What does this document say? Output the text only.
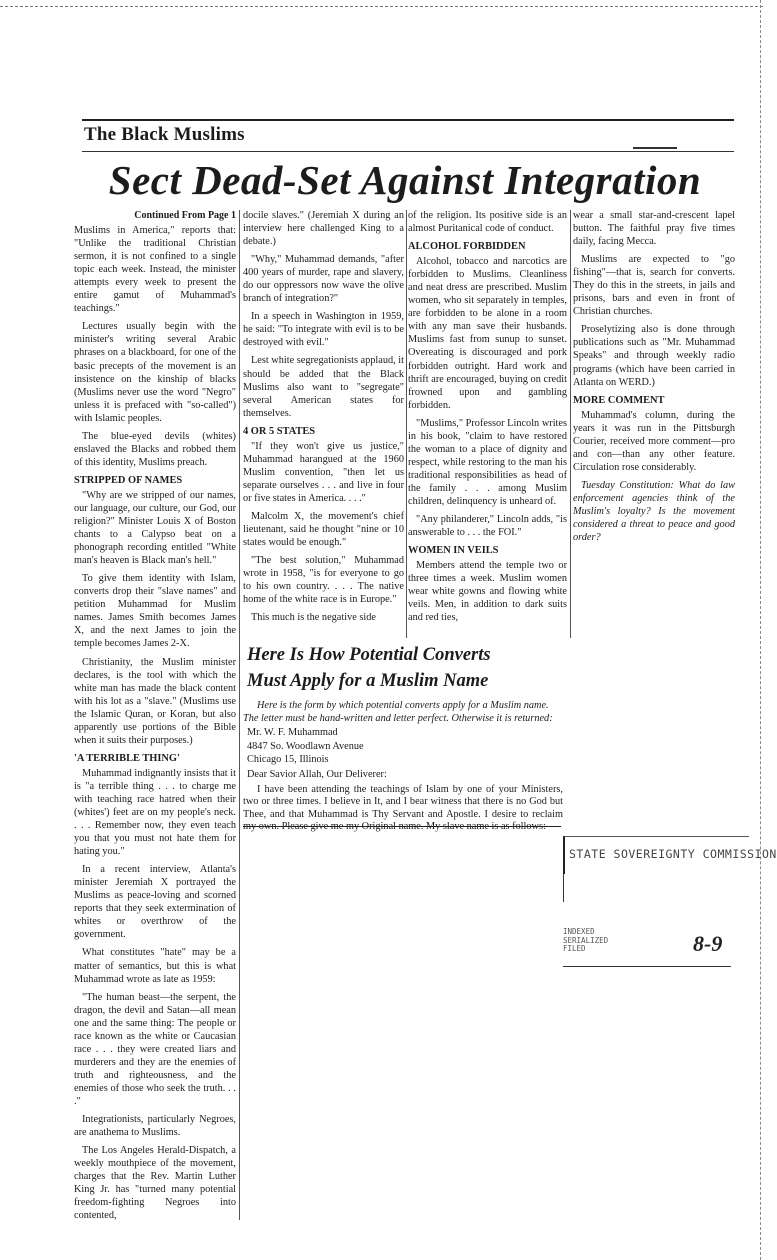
The Black Muslims
Sect Dead-Set Against Integration

Continued From Page 1

Muslims in America," reports that: "Unlike the traditional Christian sermon, it is not confined to a single topic each week. Instead, the minister attempts every week to present the entire gamut of Muhammad's teachings."

Lectures usually begin with the minister's writing several Arabic phrases on a blackboard, for one of the basic precepts of the movement is an insistence on the kinship of blacks (Muslims never use the word "Negro" unless it is prefaced with "so-called") with Islamic peoples.

The blue-eyed devils (whites) enslaved the Blacks and robbed them of this identity, Muslims preach.

STRIPPED OF NAMES

"Why are we stripped of our names, our language, our culture, our God, our religion?" Minister Louis X of Boston chants to a Calypso beat on a phonograph recording entitled "White man's heaven is Black man's hell."

To give them identity with Islam, converts drop their "slave names" and petition Muhammad for Muslim names. James Smith becomes James X, and the next James to join the temple becomes James 2-X.

Christianity, the Muslim minister declares, is the tool with which the white man has made the black content with his lot as a "slave." (Muslims use the Islamic Quran, or Koran, but also apparently use portions of the Bible when it suits their purposes.)

'A TERRIBLE THING'

Muhammad indignantly insists that it is "a terrible thing . . . to charge me with teaching race hatred when their (whites') feet are on my people's neck. . . . Remember now, they even teach you that you must not hate them for hating you."

In a recent interview, Atlanta's minister Jeremiah X portrayed the Muslims as peace-loving and scorned reports that they seek extermination of whites or overthrow of the government.

What constitutes "hate" may be a matter of semantics, but this is what Muhammad wrote as late as 1959:

"The human beast—the serpent, the dragon, the devil and Satan—all mean one and the same thing: The people or race known as the white or Caucasian race . . . they were created liars and murderers and they are the enemies of truth and righteousness, and the enemies of those who seek the truth. . . ."

Integrationists, particularly Negroes, are anathema to Muslims.

The Los Angeles Herald-Dispatch, a weekly mouthpiece of the movement, charges that the Rev. Martin Luther King Jr. has "turned many potential freedom-fighting Negroes into contented,

docile slaves." (Jeremiah X during an interview here challenged King to a debate.)

"Why," Muhammad demands, "after 400 years of murder, rape and slavery, do our oppressors now wave the olive branch of integration?"

In a speech in Washington in 1959, he said: "To integrate with evil is to be destroyed with evil."

Lest white segregationists applaud, it should be added that the Black Muslims also want to "segregate" several American states for themselves.

4 OR 5 STATES

"If they won't give us justice," Muhammad harangued at the 1960 Muslim convention, "then let us separate ourselves . . . and live in four or five states in America. . . ."

Malcolm X, the movement's chief lieutenant, said he thought "nine or 10 states would be enough."

"The best solution," Muhammad wrote in 1958, "is for everyone to go to his own country. . . . The native home of the white race is in Europe."

This much is the negative side

of the religion. Its positive side is an almost Puritanical code of conduct.

ALCOHOL FORBIDDEN

Alcohol, tobacco and narcotics are forbidden to Muslims. Cleanliness and neat dress are prescribed. Muslim women, who sit separately in temples, are forbidden to be alone in a room with any man save their husbands. Muslims fast from sunup to sunset. Overeating is discouraged and pork forbidden outright. Hard work and thrift are encouraged, buying on credit frowned upon and gambling forbidden.

"Muslims," Professor Lincoln writes in his book, "claim to have restored the woman to a place of dignity and respect, while restoring to the man his traditional responsibilities as head of the family . . . among Muslim children, delinquency is unheard of.

"Any philanderer," Lincoln adds, "is answerable to . . . the FOI."

WOMEN IN VEILS

Members attend the temple two or three times a week. Muslim women wear white gowns and flowing white veils. Men, in addition to dark suits and red ties,

wear a small star-and-crescent lapel button. The faithful pray five times daily, facing Mecca.

Muslims are expected to "go fishing"—that is, search for converts. They do this in the streets, in jails and prisons, bars and even in front of Christian churches.

Proselytizing also is done through publications such as "Mr. Muhammad Speaks" and through weekly radio programs (which have been carried in Atlanta on WERD.)

MORE COMMENT

Muhammad's column, during the years it was run in the Pittsburgh Courier, received more comment—pro and con—than any other feature. Circulation rose considerably.

Tuesday Constitution: What do law enforcement agencies think of the Muslim's loyalty? Is the movement considered a threat to peace and good order?

Here Is How Potential Converts
Must Apply for a Muslim Name

Here is the form by which potential converts apply for a Muslim name. The letter must be hand-written and letter perfect. Otherwise it is returned:

Mr. W. F. Muhammad

4847 So. Woodlawn Avenue

Chicago 15, Illinois

Dear Savior Allah, Our Deliverer:

I have been attending the teachings of Islam by one of your Ministers, two or three times. I believe in It, and I bear witness that there is no God but Thee, and that Muhammad is Thy Servant and Apostle. I desire to reclaim my own. Please give me my Original name. My slave name is as follows:

STATE SOVEREIGNTY COMMISSION
INDEXED
SERIALIZED
FILED	8-9
